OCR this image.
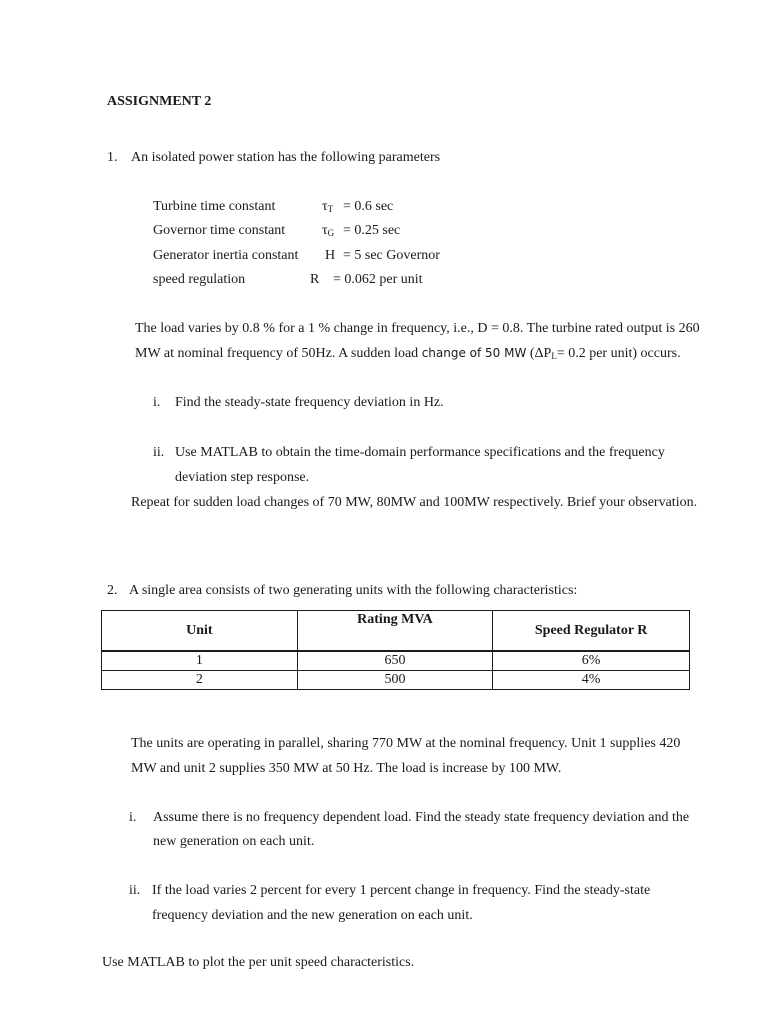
ASSIGNMENT 2
1. An isolated power station has the following parameters
Turbine time constant	$\tau_T = 0.6$ sec
Governor time constant	$\tau_G = 0.25$ sec
Generator inertia constant H = 5 sec Governor
speed regulation	R = 0.062 per unit
The load varies by 0.8 % for a 1 % change in frequency, i.e., D = 0.8. The turbine rated output is 260
MW at nominal frequency of 50Hz. A sudden load change of 50 MW ($\Delta P_L= 0.2$ per unit) occurs.
i. Find the steady-state frequency deviation in Hz.
ii. Use MATLAB to obtain the time-domain performance specifications and the frequency
deviation step response.
Repeat for sudden load changes of 70 MW, 80MW and 100MW respectively. Brief your observation.
2. A single area consists of two generating units with the following characteristics:
Unit	Rating MVA	Speed Regulator R
1	650	6%
2	500	4%
The units are operating in parallel, sharing 770 MW at the nominal frequency. Unit 1 supplies 420
MW and unit 2 supplies 350 MW at 50 Hz. The load is increase by 100 MW.
i. Assume there is no frequency dependent load. Find the steady state frequency deviation and the
new generation on each unit.
ii. If the load varies 2 percent for every 1 percent change in frequency. Find the steady-state
frequency deviation and the new generation on each unit.
Use MATLAB to plot the per unit speed characteristics.
